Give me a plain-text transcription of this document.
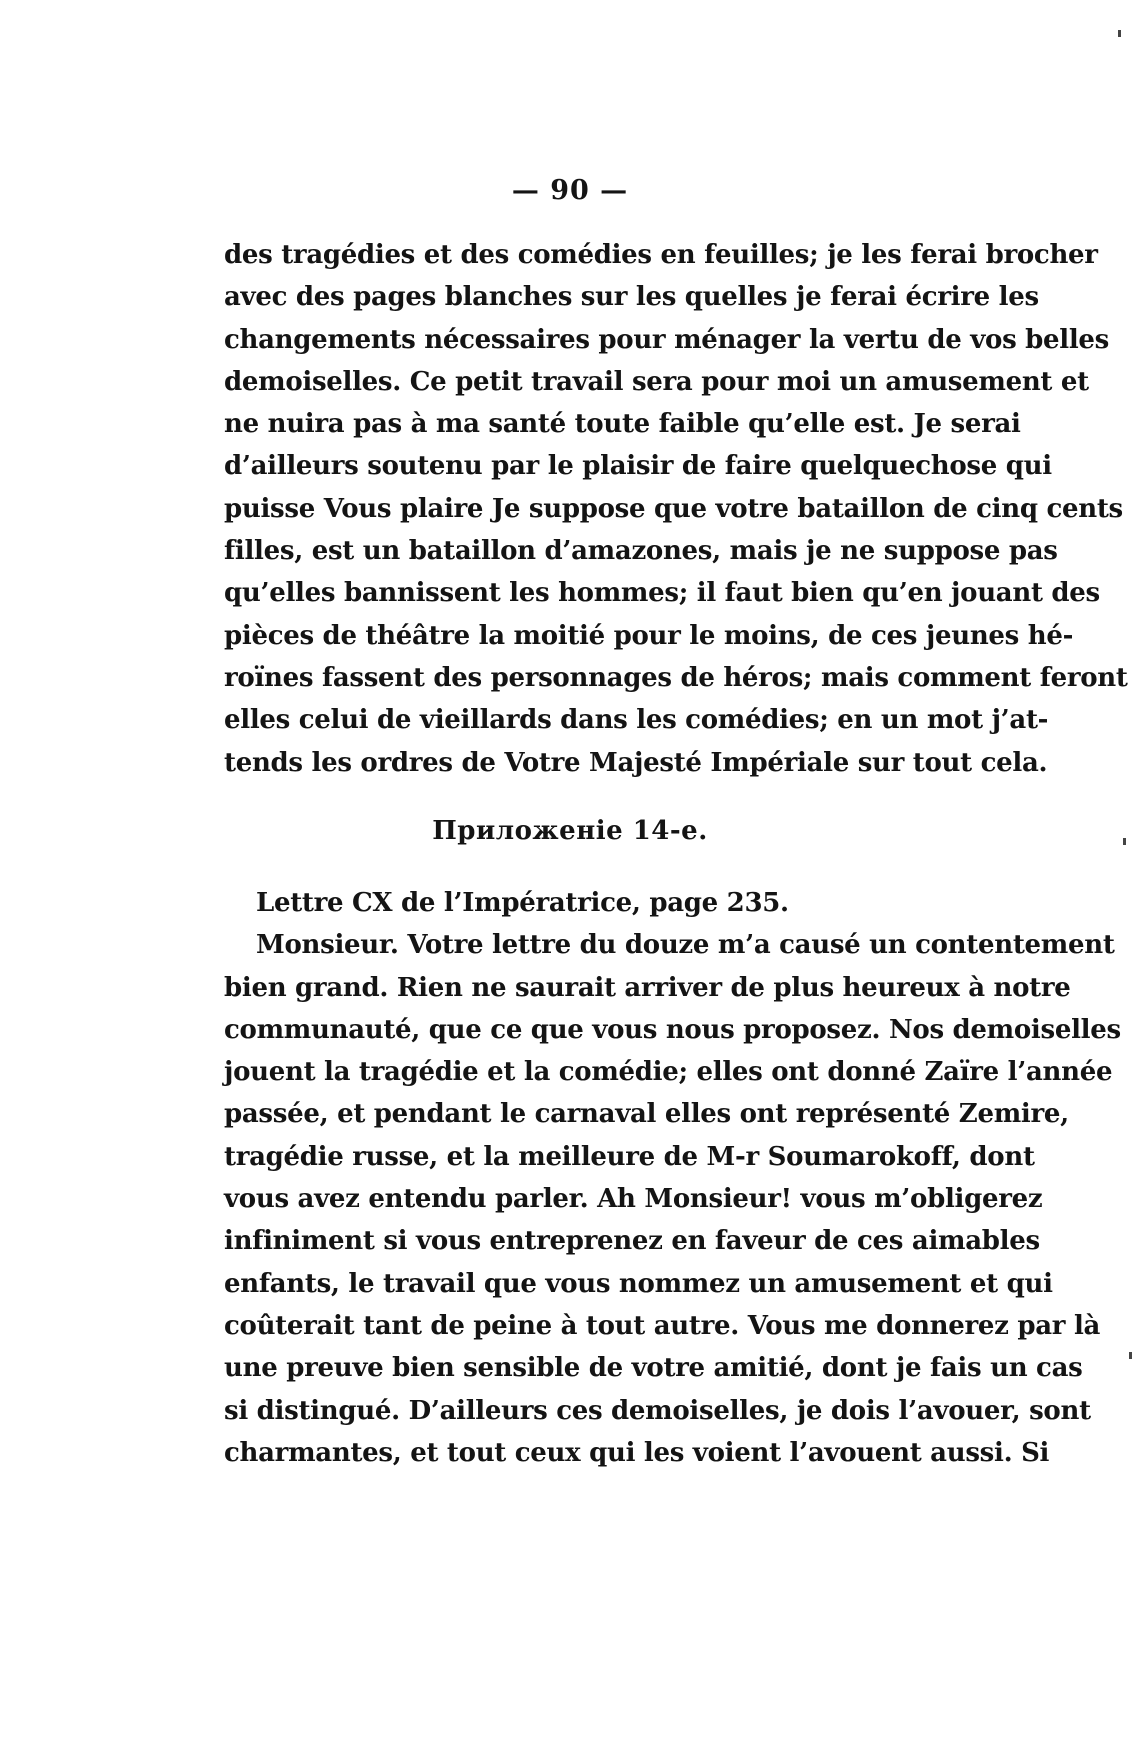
— 90 —
des tragédies et des comédies en feuilles; je les ferai brocher
avec des pages blanches sur les quelles je ferai écrire les
changements nécessaires pour ménager la vertu de vos belles
demoiselles. Ce petit travail sera pour moi un amusement et
ne nuira pas à ma santé toute faible qu’elle est. Je serai
d’ailleurs soutenu par le plaisir de faire quelquechose qui
puisse Vous plaire Je suppose que votre bataillon de cinq cents
filles, est un bataillon d’amazones, mais je ne suppose pas
qu’elles bannissent les hommes; il faut bien qu’en jouant des
pièces de théâtre la moitié pour le moins, de ces jeunes hé-
roïnes fassent des personnages de héros; mais comment feront
elles celui de vieillards dans les comédies; en un mot j’at-
tends les ordres de Votre Majesté Impériale sur tout cela.
Приложеніе 14-е.
Lettre CX de l’Impératrice, page 235.
Monsieur. Votre lettre du douze m’a causé un contentement
bien grand. Rien ne saurait arriver de plus heureux à notre
communauté, que ce que vous nous proposez. Nos demoiselles
jouent la tragédie et la comédie; elles ont donné Zaïre l’année
passée, et pendant le carnaval elles ont représenté Zemire,
tragédie russe, et la meilleure de M-r Soumarokoff, dont
vous avez entendu parler. Ah Monsieur! vous m’obligerez
infiniment si vous entreprenez en faveur de ces aimables
enfants, le travail que vous nommez un amusement et qui
coûterait tant de peine à tout autre. Vous me donnerez par là
une preuve bien sensible de votre amitié, dont je fais un cas
si distingué. D’ailleurs ces demoiselles, je dois l’avouer, sont
charmantes, et tout ceux qui les voient l’avouent aussi. Si
